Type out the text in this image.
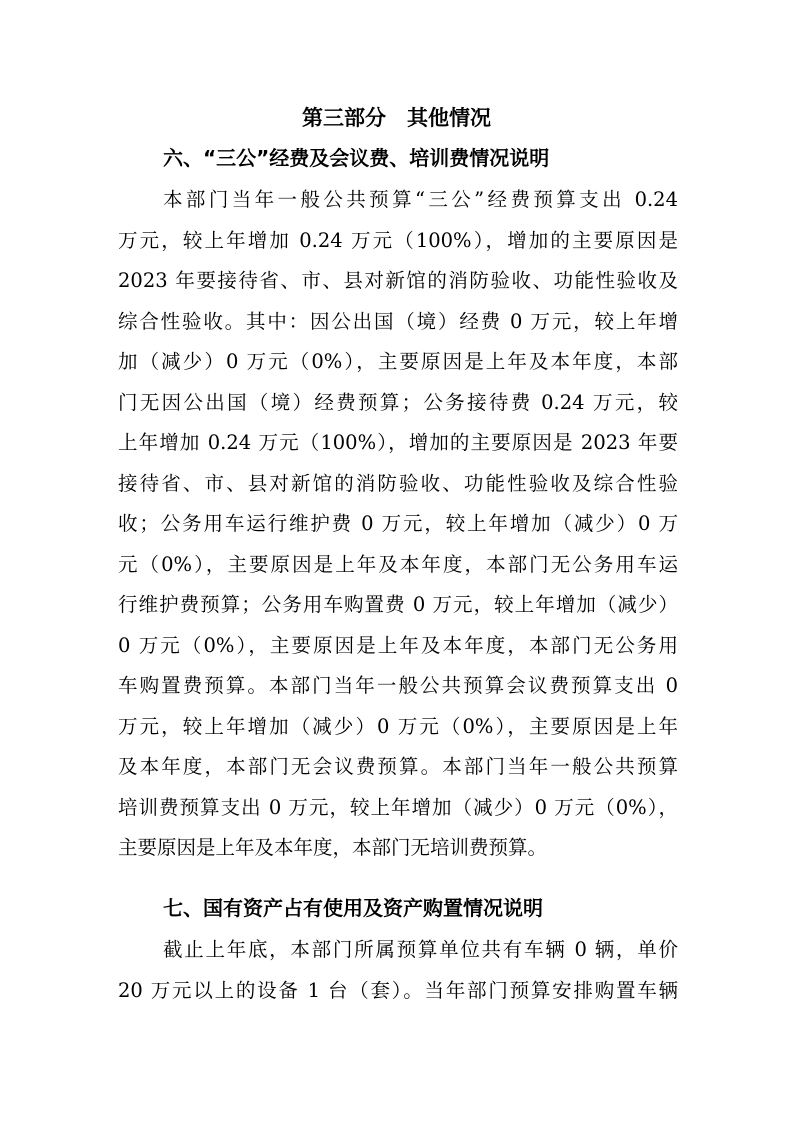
第三部分　其他情况
六、“三公”经费及会议费、培训费情况说明
本部门当年一般公共预算“三公”经费预算支出 0.24
万元，较上年增加 0.24 万元（100%），增加的主要原因是
2023 年要接待省、市、县对新馆的消防验收、功能性验收及
综合性验收。其中：因公出国（境）经费 0 万元，较上年增
加（减少）0 万元（0%），主要原因是上年及本年度，本部
门无因公出国（境）经费预算；公务接待费 0.24 万元，较
上年增加 0.24 万元（100%），增加的主要原因是 2023 年要
接待省、市、县对新馆的消防验收、功能性验收及综合性验
收；公务用车运行维护费 0 万元，较上年增加（减少）0 万
元（0%），主要原因是上年及本年度，本部门无公务用车运
行维护费预算；公务用车购置费 0 万元，较上年增加（减少）
0 万元（0%），主要原因是上年及本年度，本部门无公务用
车购置费预算。本部门当年一般公共预算会议费预算支出 0
万元，较上年增加（减少）0 万元（0%），主要原因是上年
及本年度，本部门无会议费预算。本部门当年一般公共预算
培训费预算支出 0 万元，较上年增加（减少）0 万元（0%），
主要原因是上年及本年度，本部门无培训费预算。
七、国有资产占有使用及资产购置情况说明
截止上年底，本部门所属预算单位共有车辆 0 辆，单价
20 万元以上的设备 1 台（套）。当年部门预算安排购置车辆
